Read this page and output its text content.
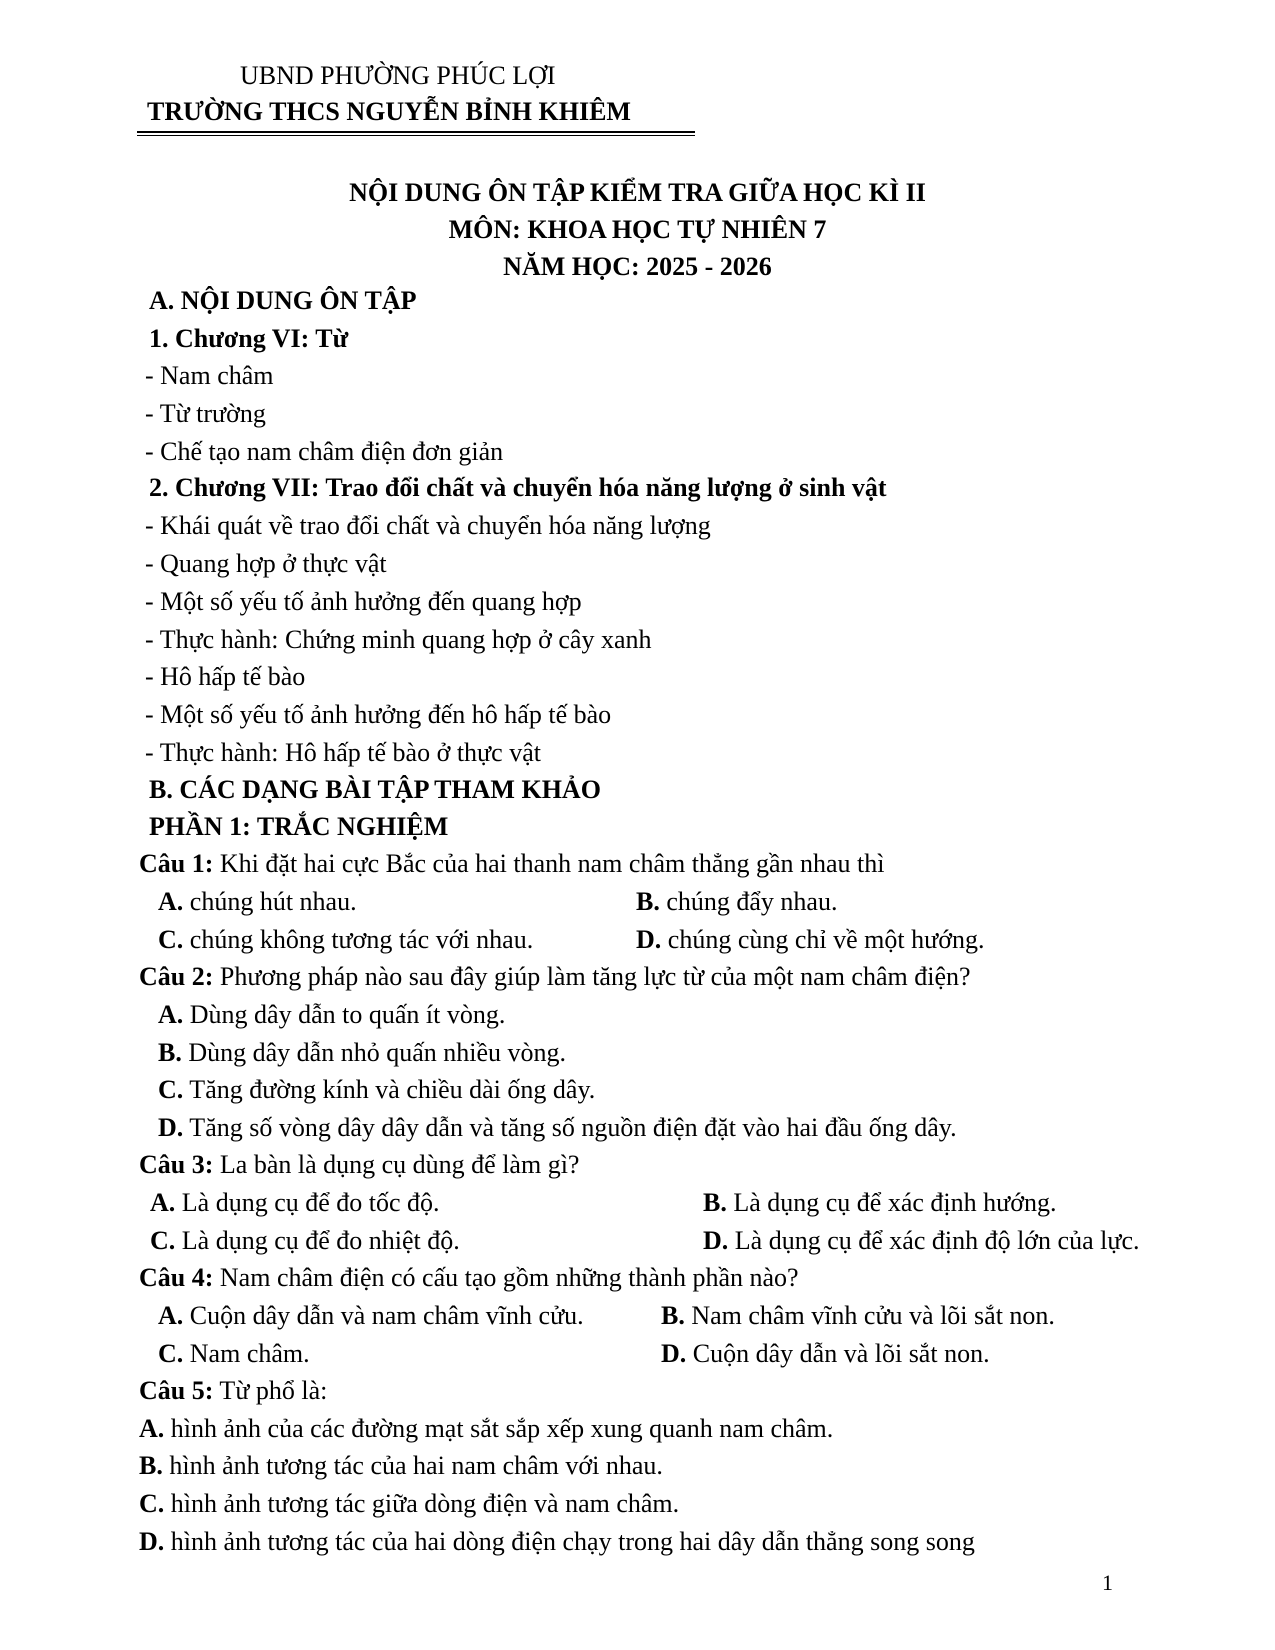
UBND PHƯỜNG PHÚC LỢI
TRƯỜNG THCS NGUYỄN BỈNH KHIÊM
NỘI DUNG ÔN TẬP KIỂM TRA GIỮA HỌC KÌ II
MÔN: KHOA HỌC TỰ NHIÊN 7
NĂM HỌC: 2025 - 2026
A. NỘI DUNG ÔN TẬP
1. Chương VI: Từ
- Nam châm
- Từ trường
- Chế tạo nam châm điện đơn giản
2. Chương VII: Trao đổi chất và chuyển hóa năng lượng ở sinh vật
- Khái quát về trao đổi chất và chuyển hóa năng lượng
- Quang hợp ở thực vật
- Một số yếu tố ảnh hưởng đến quang hợp
- Thực hành: Chứng minh quang hợp ở cây xanh
- Hô hấp tế bào
- Một số yếu tố ảnh hưởng đến hô hấp tế bào
- Thực hành: Hô hấp tế bào ở thực vật
B. CÁC DẠNG BÀI TẬP THAM KHẢO
PHẦN 1: TRẮC NGHIỆM
Câu 1: Khi đặt hai cực Bắc của hai thanh nam châm thẳng gần nhau thì
A. chúng hút nhau.	B. chúng đẩy nhau.
C. chúng không tương tác với nhau.	D. chúng cùng chỉ về một hướng.
Câu 2: Phương pháp nào sau đây giúp làm tăng lực từ của một nam châm điện?
A. Dùng dây dẫn to quấn ít vòng.
B. Dùng dây dẫn nhỏ quấn nhiều vòng.
C. Tăng đường kính và chiều dài ống dây.
D. Tăng số vòng dây dây dẫn và tăng số nguồn điện đặt vào hai đầu ống dây.
Câu 3: La bàn là dụng cụ dùng để làm gì?
A. Là dụng cụ để đo tốc độ.	B. Là dụng cụ để xác định hướng.
C. Là dụng cụ để đo nhiệt độ.	D. Là dụng cụ để xác định độ lớn của lực.
Câu 4: Nam châm điện có cấu tạo gồm những thành phần nào?
A. Cuộn dây dẫn và nam châm vĩnh cửu.	B. Nam châm vĩnh cửu và lõi sắt non.
C. Nam châm.	D. Cuộn dây dẫn và lõi sắt non.
Câu 5: Từ phổ là:
A. hình ảnh của các đường mạt sắt sắp xếp xung quanh nam châm.
B. hình ảnh tương tác của hai nam châm với nhau.
C. hình ảnh tương tác giữa dòng điện và nam châm.
D. hình ảnh tương tác của hai dòng điện chạy trong hai dây dẫn thẳng song song
1
